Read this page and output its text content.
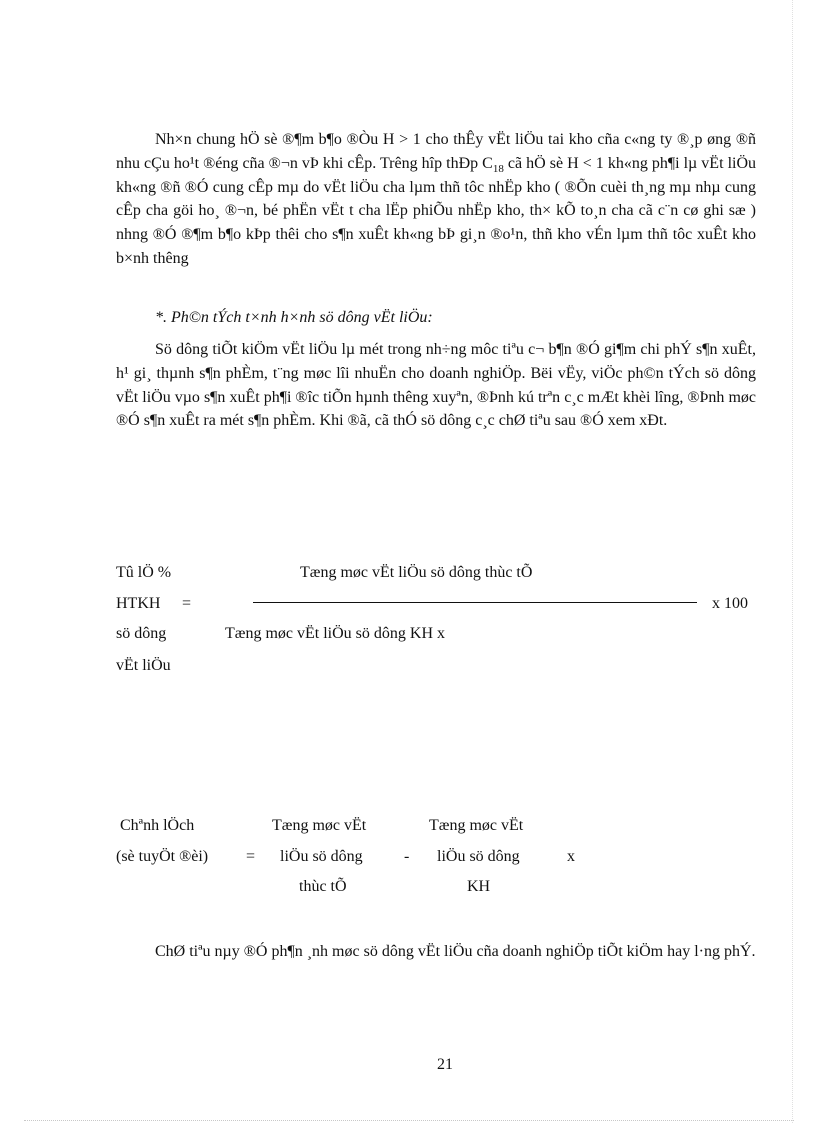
Nh×n chung hÖ sè ®¶m b¶o ®Òu H > 1 cho thÊy vËt liÖu tai kho cña c«ng ty ®¸p øng ®ñ nhu cÇu ho¹t ®éng cña ®¬n vÞ khi cÊp. Trêng hîp thÐp $C_{18}$ cã hÖ sè H < 1 kh«ng ph¶i lµ vËt liÖu kh«ng ®ñ ®Ó cung cÊp mµ do vËt liÖu cha lµm thñ tôc nhËp kho ( ®Õn cuèi th¸ng mµ nhµ cung cÊp cha göi ho¸ ®¬n, bé phËn vËt t cha lËp phiÕu nhËp kho, th× kÕ to¸n cha cã c¨n cø ghi sæ ) nhng ®Ó ®¶m b¶o kÞp thêi cho s¶n xuÊt kh«ng bÞ gi¸n ®o¹n, thñ kho vÉn lµm thñ tôc xuÊt kho b×nh thêng

*. Ph©n tÝch t×nh h×nh sö dông vËt liÖu:

Sö dông tiÕt kiÖm vËt liÖu lµ mét trong nh÷ng môc tiªu c¬ b¶n ®Ó gi¶m chi phÝ s¶n xuÊt, h¹ gi¸ thµnh s¶n phÈm, t¨ng møc lîi nhuËn cho doanh nghiÖp. Bëi vËy, viÖc ph©n tÝch sö dông vËt liÖu vµo s¶n xuÊt ph¶i ®îc tiÕn hµnh thêng xuyªn, ®Þnh kú trªn c¸c mÆt khèi lîng, ®Þnh møc ®Ó s¶n xuÊt ra mét s¶n phÈm. Khi ®ã, cã thÓ sö dông c¸c chØ tiªu sau ®Ó xem xÐt.

Tû lÖ %	Tæng møc vËt liÖu sö dông thùc tÕ
HTKH =	x 100
sö dông	Tæng møc vËt liÖu sö dông KH x
vËt liÖu
Chªnh lÖch	Tæng møc vËt	Tæng møc vËt
(sè tuyÖt ®èi) = liÖu sö dông	- liÖu sö dông	x
thùc tÕ	KH

ChØ tiªu nµy ®Ó ph¶n ¸nh møc sö dông vËt liÖu cña doanh nghiÖp tiÕt kiÖm hay l·ng phÝ.

21
